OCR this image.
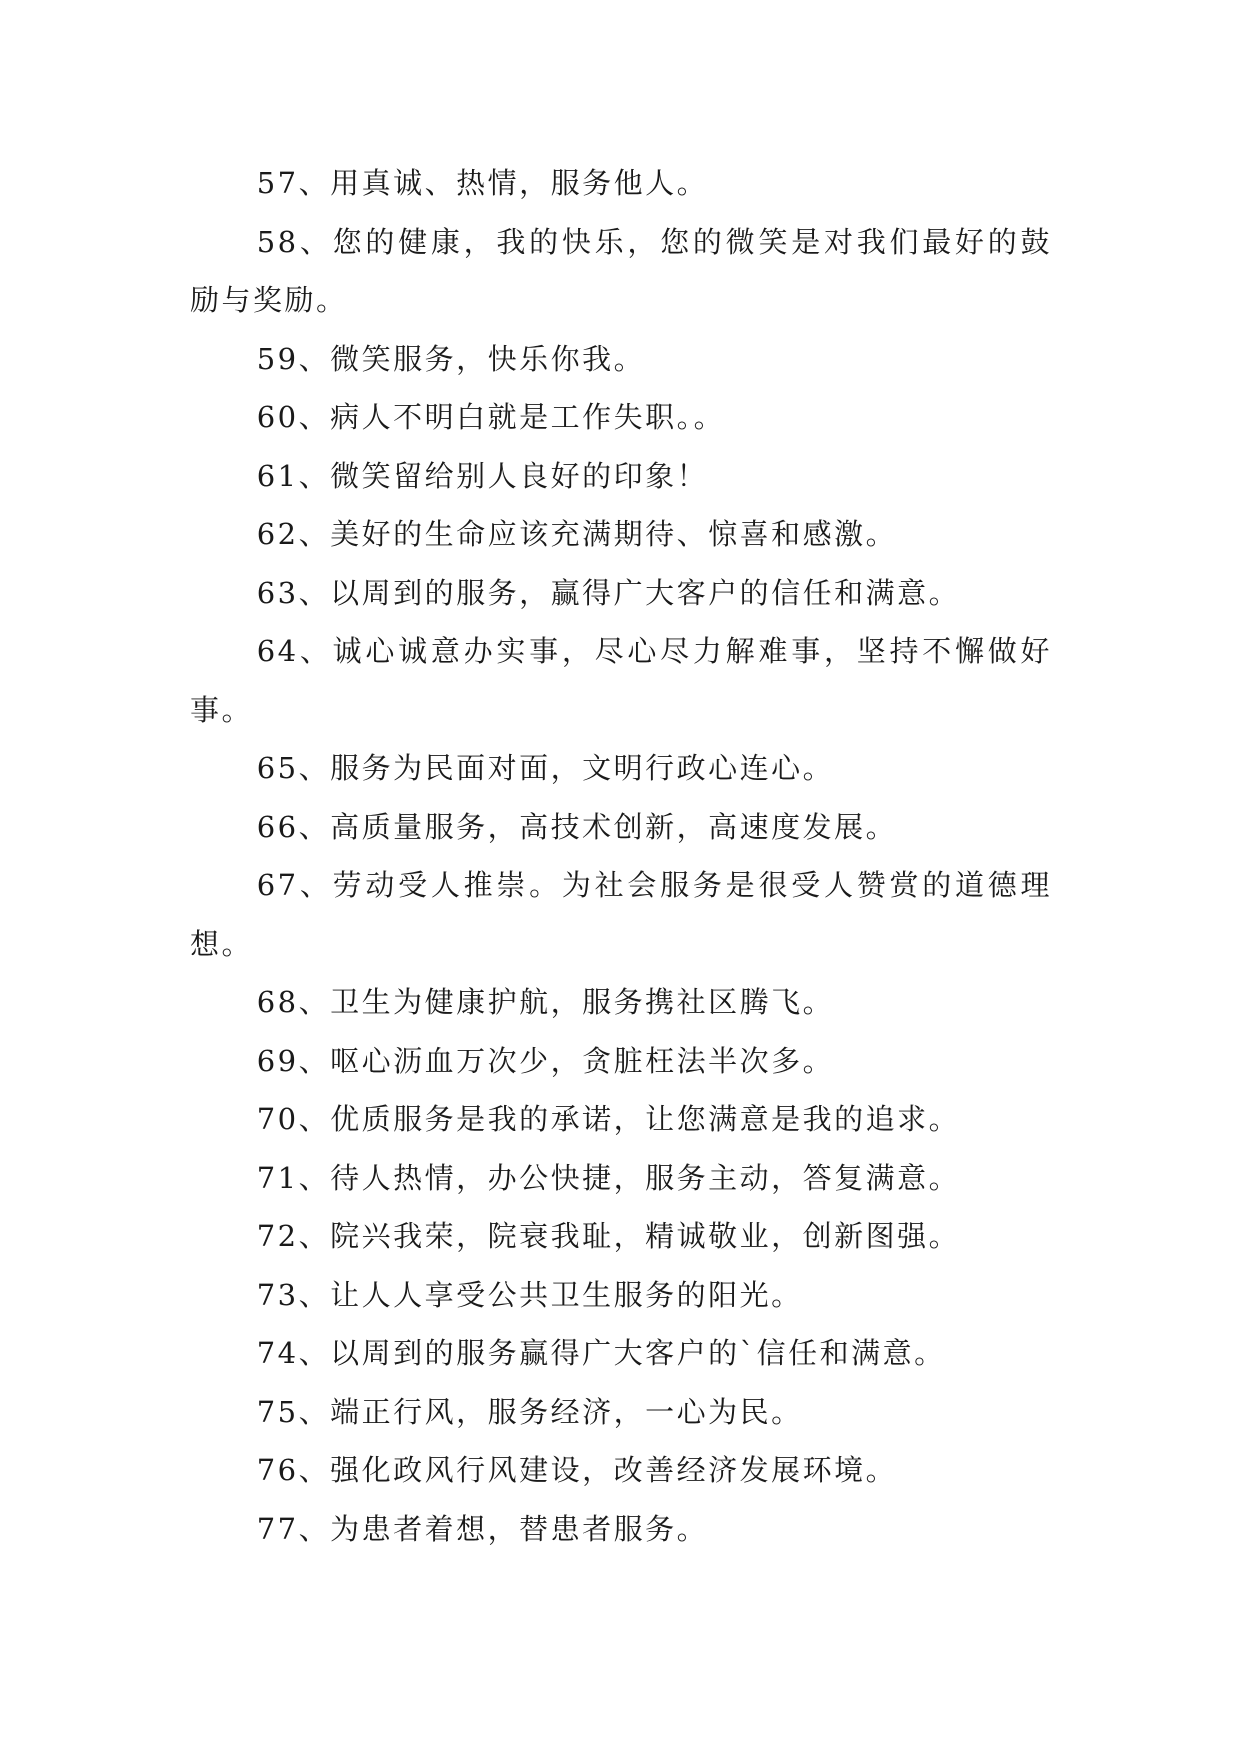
57、用真诚、热情，服务他人。

58、您的健康，我的快乐，您的微笑是对我们最好的鼓励与奖励。

59、微笑服务，快乐你我。

60、病人不明白就是工作失职。。

61、微笑留给别人良好的印象！

62、美好的生命应该充满期待、惊喜和感激。

63、以周到的服务，赢得广大客户的信任和满意。

64、诚心诚意办实事，尽心尽力解难事，坚持不懈做好事。

65、服务为民面对面，文明行政心连心。

66、高质量服务，高技术创新，高速度发展。

67、劳动受人推崇。为社会服务是很受人赞赏的道德理想。

68、卫生为健康护航，服务携社区腾飞。

69、呕心沥血万次少，贪脏枉法半次多。

70、优质服务是我的承诺，让您满意是我的追求。

71、待人热情，办公快捷，服务主动，答复满意。

72、院兴我荣，院衰我耻，精诚敬业，创新图强。

73、让人人享受公共卫生服务的阳光。

74、以周到的服务赢得广大客户的`信任和满意。

75、端正行风，服务经济，一心为民。

76、强化政风行风建设，改善经济发展环境。

77、为患者着想，替患者服务。
